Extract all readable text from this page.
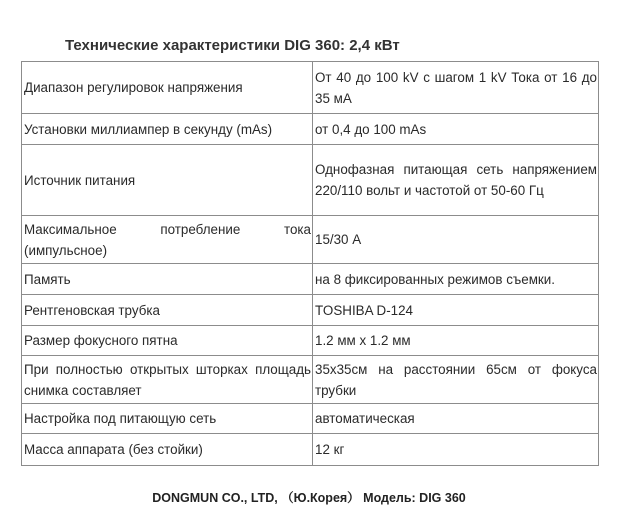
Технические характеристики DIG 360: 2,4 кВт
Диапазон регулировок напряжения	От 40 до 100 kV с шагом 1 kV Тока от 16 до 35 мА
Установки миллиампер в секунду (mAs)	от 0,4 до 100 mAs
Источник питания	Однофазная питающая сеть напряжением 220/110 вольт и частотой от 50-60 Гц
Максимальное потребление тока (импульсное)	15/30 А
Память	на 8 фиксированных режимов съемки.
Рентгеновская трубка	TOSHIBA D-124
Размер фокусного пятна	1.2 мм х 1.2 мм
При полностью открытых шторках площадь снимка составляет	35x35см на расстоянии 65см от фокуса трубки
Настройка под питающую сеть	автоматическая
Масса аппарата (без стойки)	12 кг
DONGMUN CO., LTD, （Ю.Корея） Модель: DIG 360
